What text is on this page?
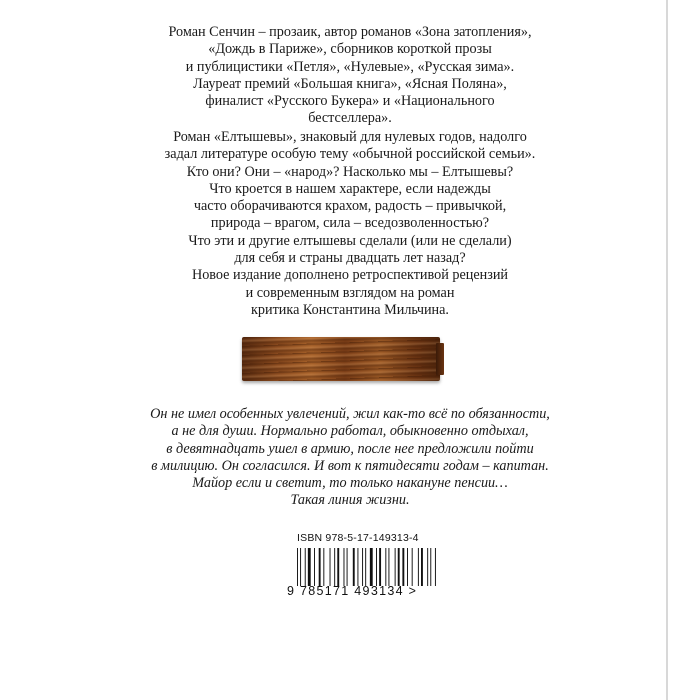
Роман Сенчин – прозаик, автор романов «Зона затопления»,

«Дождь в Париже», сборников короткой прозы

и публицистики «Петля», «Нулевые», «Русская зима».

Лауреат премий «Большая книга», «Ясная Поляна»,

финалист «Русского Букера» и «Национального

бестселлера».

Роман «Елтышевы», знаковый для нулевых годов, надолго

задал литературе особую тему «обычной российской семьи».

Кто они? Они – «народ»? Насколько мы – Елтышевы?

Что кроется в нашем характере, если надежды

часто оборачиваются крахом, радость – привычкой,

природа – врагом, сила – вседозволенностью?

Что эти и другие елтышевы сделали (или не сделали)

для себя и страны двадцать лет назад?

Новое издание дополнено ретроспективой рецензий

и современным взглядом на роман

критика Константина Мильчина.

Он не имел особенных увлечений, жил как-то всё по обязанности,

а не для души. Нормально работал, обыкновенно отдыхал,

в девятнадцать ушел в армию, после нее предложили пойти

в милицию. Он согласился. И вот к пятидесяти годам – капитан.

Майор если и светит, то только накануне пенсии…

Такая линия жизни.

ISBN 978-5-17-149313-4
9 785171 493134 >
